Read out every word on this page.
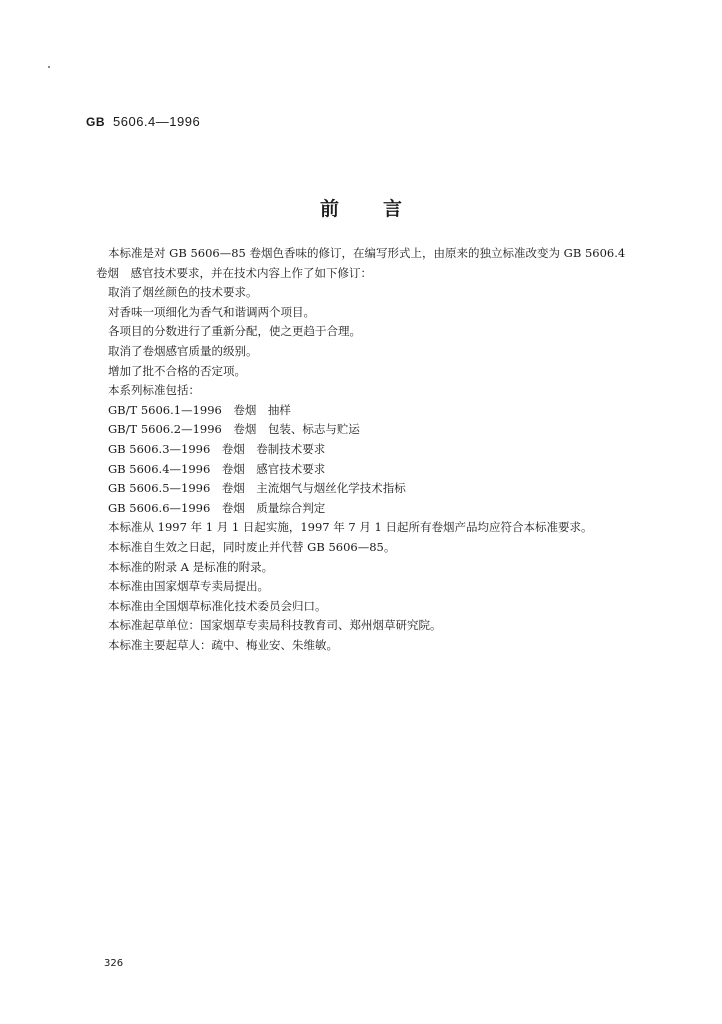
GB 5606.4—1996
前言

本标准是对 GB 5606—85 卷烟色香味的修订，在编写形式上，由原来的独立标准改变为 GB 5606.4

卷烟　感官技术要求，并在技术内容上作了如下修订：

取消了烟丝颜色的技术要求。

对香味一项细化为香气和谐调两个项目。

各项目的分数进行了重新分配，使之更趋于合理。

取消了卷烟感官质量的级别。

增加了批不合格的否定项。

本系列标准包括：

GB/T 5606.1—1996　卷烟　抽样

GB/T 5606.2—1996　卷烟　包装、标志与贮运

GB 5606.3—1996　卷烟　卷制技术要求

GB 5606.4—1996　卷烟　感官技术要求

GB 5606.5—1996　卷烟　主流烟气与烟丝化学技术指标

GB 5606.6—1996　卷烟　质量综合判定

本标准从 1997 年 1 月 1 日起实施，1997 年 7 月 1 日起所有卷烟产品均应符合本标准要求。

本标准自生效之日起，同时废止并代替 GB 5606—85。

本标准的附录 A 是标准的附录。

本标准由国家烟草专卖局提出。

本标准由全国烟草标准化技术委员会归口。

本标准起草单位：国家烟草专卖局科技教育司、郑州烟草研究院。

本标准主要起草人：疏中、梅业安、朱维敏。

326
